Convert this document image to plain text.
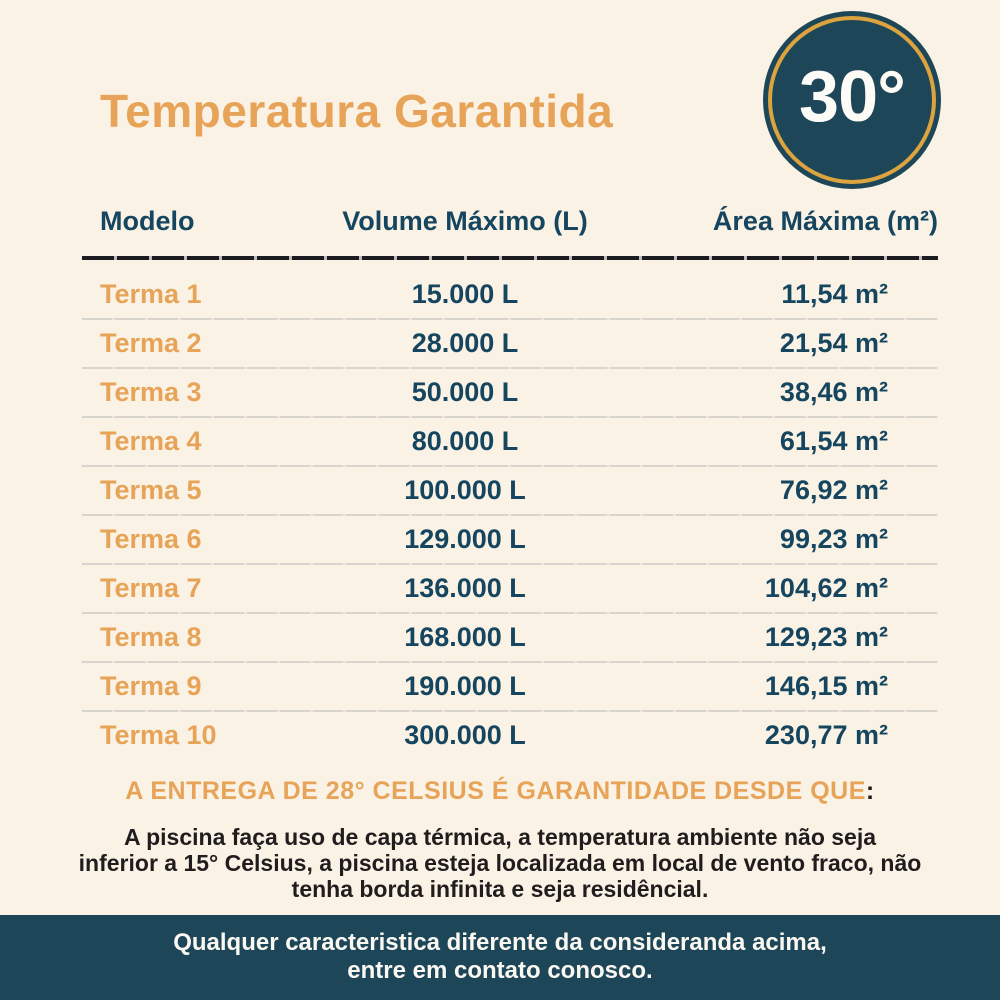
Temperatura Garantida	30°
Modelo	Volume Máximo (L)	Área Máxima (m²)
Terma 1	15.000 L	11,54 m²
Terma 2	28.000 L	21,54 m²
Terma 3	50.000 L	38,46 m²
Terma 4	80.000 L	61,54 m²
Terma 5	100.000 L	76,92 m²
Terma 6	129.000 L	99,23 m²
Terma 7	136.000 L	104,62 m²
Terma 8	168.000 L	129,23 m²
Terma 9	190.000 L	146,15 m²
Terma 10	300.000 L	230,77 m²
A ENTREGA DE 28° CELSIUS É GARANTIDADE DESDE QUE:
A piscina faça uso de capa térmica, a temperatura ambiente não seja
inferior a 15° Celsius, a piscina esteja localizada em local de vento fraco, não
tenha borda infinita e seja residêncial.
Qualquer caracteristica diferente da consideranda acima,
entre em contato conosco.
